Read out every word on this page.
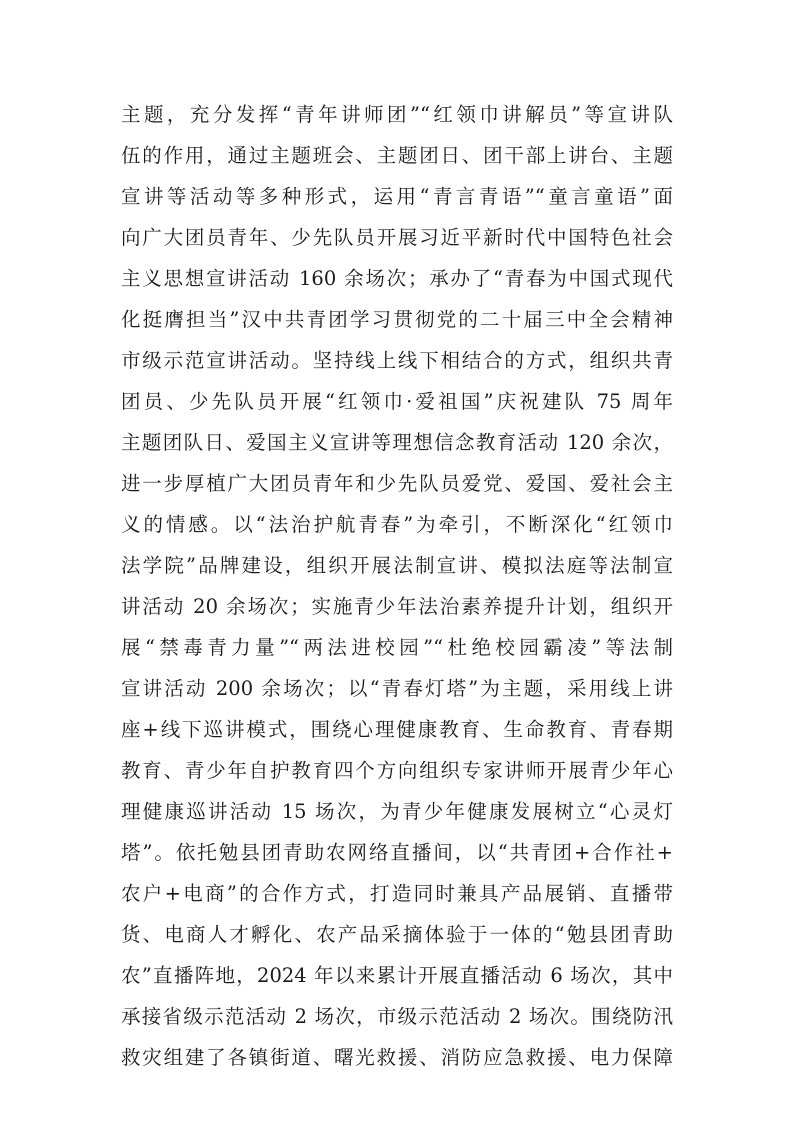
主题，充分发挥“青年讲师团”“红领巾讲解员”等宣讲队
伍的作用，通过主题班会、主题团日、团干部上讲台、主题
宣讲等活动等多种形式，运用“青言青语”“童言童语”面
向广大团员青年、少先队员开展习近平新时代中国特色社会
主义思想宣讲活动 160 余场次；承办了“青春为中国式现代
化挺膺担当”汉中共青团学习贯彻党的二十届三中全会精神
市级示范宣讲活动。坚持线上线下相结合的方式，组织共青
团员、少先队员开展“红领巾·爱祖国”庆祝建队 75 周年
主题团队日、爱国主义宣讲等理想信念教育活动 120 余次，
进一步厚植广大团员青年和少先队员爱党、爱国、爱社会主
义的情感。以“法治护航青春”为牵引，不断深化“红领巾
法学院”品牌建设，组织开展法制宣讲、模拟法庭等法制宣
讲活动 20 余场次；实施青少年法治素养提升计划，组织开
展“禁毒青力量”“两法进校园”“杜绝校园霸凌”等法制
宣讲活动 200 余场次；以“青春灯塔”为主题，采用线上讲
座+线下巡讲模式，围绕心理健康教育、生命教育、青春期
教育、青少年自护教育四个方向组织专家讲师开展青少年心
理健康巡讲活动 15 场次，为青少年健康发展树立“心灵灯
塔”。依托勉县团青助农网络直播间，以“共青团+合作社+
农户+电商”的合作方式，打造同时兼具产品展销、直播带
货、电商人才孵化、农产品采摘体验于一体的“勉县团青助
农”直播阵地，2024 年以来累计开展直播活动 6 场次，其中
承接省级示范活动 2 场次，市级示范活动 2 场次。围绕防汛
救灾组建了各镇街道、曙光救援、消防应急救援、电力保障
